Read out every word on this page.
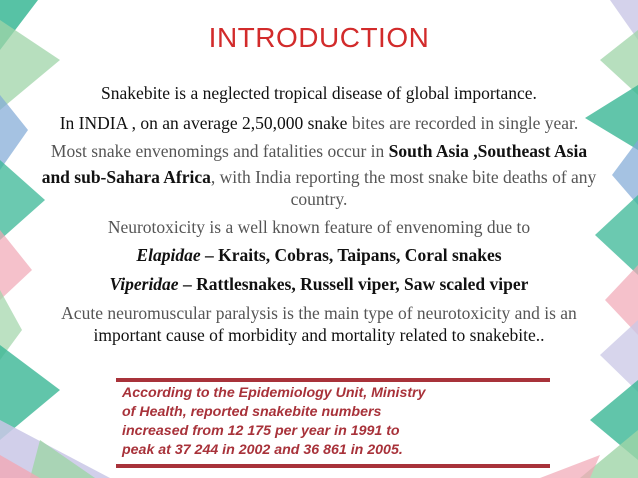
INTRODUCTION
Snakebite is a neglected tropical disease of global importance.
In INDIA , on an average 2,50,000 snake bites are recorded in single year.
Most snake envenomings and fatalities occur in South Asia ,Southeast Asia
and sub-Sahara Africa, with India reporting the most snake bite deaths of any
country.
Neurotoxicity is a well known feature of envenoming due to
Elapidae – Kraits, Cobras, Taipans, Coral snakes
Viperidae – Rattlesnakes, Russell viper, Saw scaled viper
Acute neuromuscular paralysis is the main type of neurotoxicity and is an
important cause of morbidity and mortality related to snakebite..
According to the Epidemiology Unit, Ministry
of Health, reported snakebite numbers
increased from 12 175 per year in 1991 to
peak at 37 244 in 2002 and 36 861 in 2005.
